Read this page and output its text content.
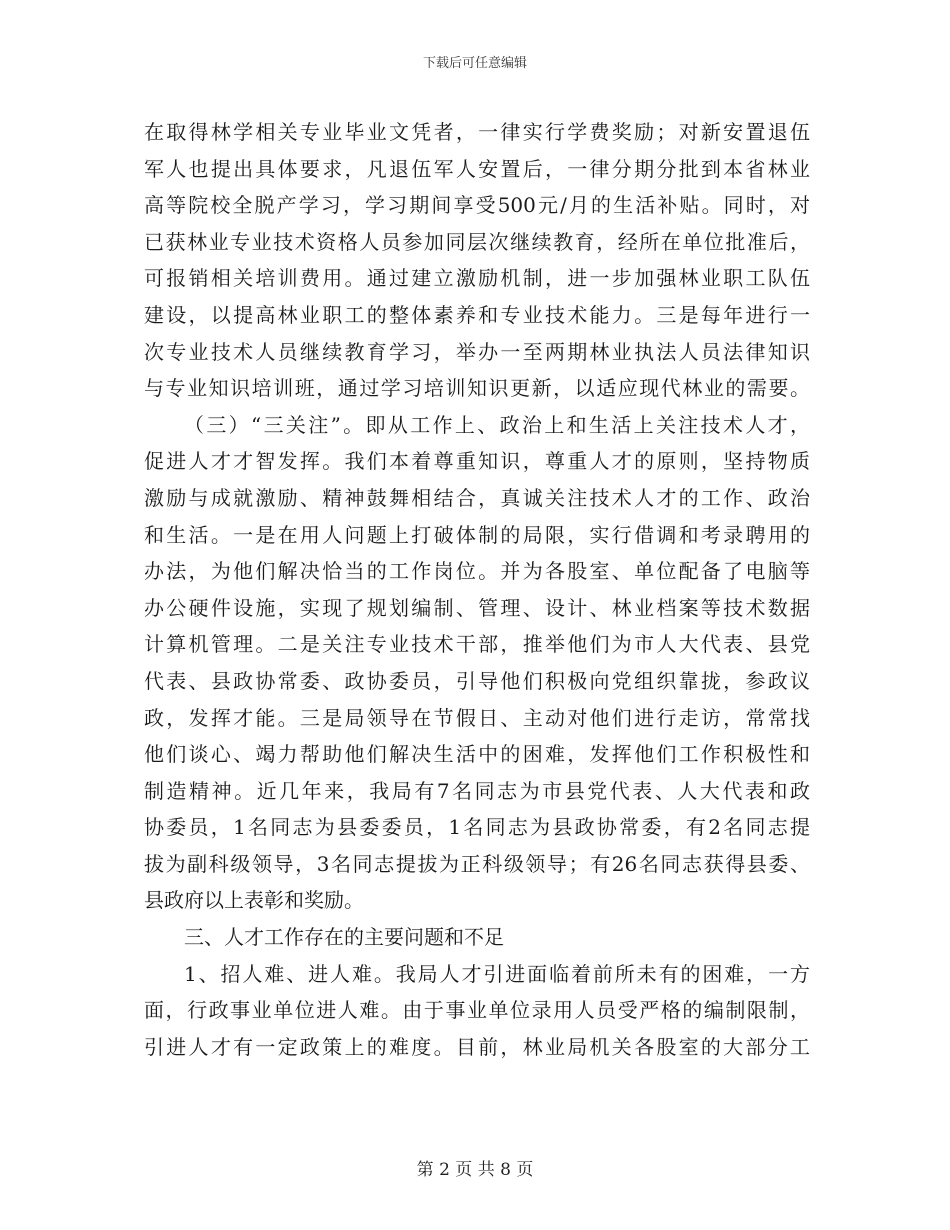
下载后可任意编辑
在取得林学相关专业毕业文凭者，一律实行学费奖励；对新安置退伍
军人也提出具体要求，凡退伍军人安置后，一律分期分批到本省林业
高等院校全脱产学习，学习期间享受500元/月的生活补贴。同时，对
已获林业专业技术资格人员参加同层次继续教育，经所在单位批准后，
可报销相关培训费用。通过建立激励机制，进一步加强林业职工队伍
建设，以提高林业职工的整体素养和专业技术能力。三是每年进行一
次专业技术人员继续教育学习，举办一至两期林业执法人员法律知识
与专业知识培训班，通过学习培训知识更新，以适应现代林业的需要。
（三）“三关注”。即从工作上、政治上和生活上关注技术人才，
促进人才才智发挥。我们本着尊重知识，尊重人才的原则，坚持物质
激励与成就激励、精神鼓舞相结合，真诚关注技术人才的工作、政治
和生活。一是在用人问题上打破体制的局限，实行借调和考录聘用的
办法，为他们解决恰当的工作岗位。并为各股室、单位配备了电脑等
办公硬件设施，实现了规划编制、管理、设计、林业档案等技术数据
计算机管理。二是关注专业技术干部，推举他们为市人大代表、县党
代表、县政协常委、政协委员，引导他们积极向党组织靠拢，参政议
政，发挥才能。三是局领导在节假日、主动对他们进行走访，常常找
他们谈心、竭力帮助他们解决生活中的困难，发挥他们工作积极性和
制造精神。近几年来，我局有7名同志为市县党代表、人大代表和政
协委员，1名同志为县委委员，1名同志为县政协常委，有2名同志提
拔为副科级领导，3名同志提拔为正科级领导；有26名同志获得县委、
县政府以上表彰和奖励。
三、人才工作存在的主要问题和不足
1、招人难、进人难。我局人才引进面临着前所未有的困难，一方
面，行政事业单位进人难。由于事业单位录用人员受严格的编制限制，
引进人才有一定政策上的难度。目前，林业局机关各股室的大部分工
第 2 页 共 8 页
